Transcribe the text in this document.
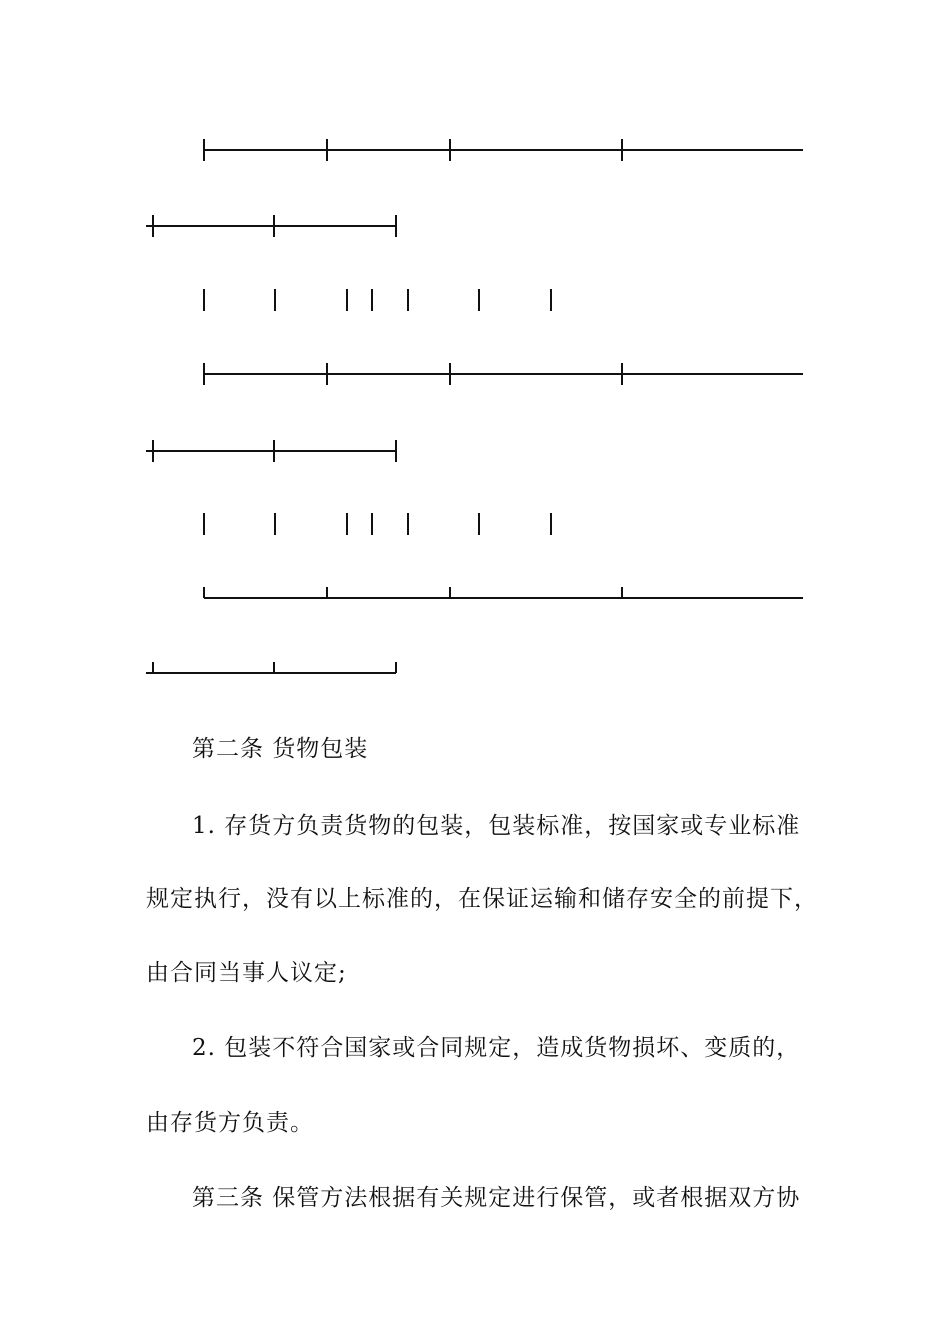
第二条 货物包装

1. 存货方负责货物的包装，包装标准，按国家或专业标准

规定执行，没有以上标准的，在保证运输和储存安全的前提下，

由合同当事人议定;

2. 包装不符合国家或合同规定，造成货物损坏、变质的，

由存货方负责。

第三条 保管方法根据有关规定进行保管，或者根据双方协
